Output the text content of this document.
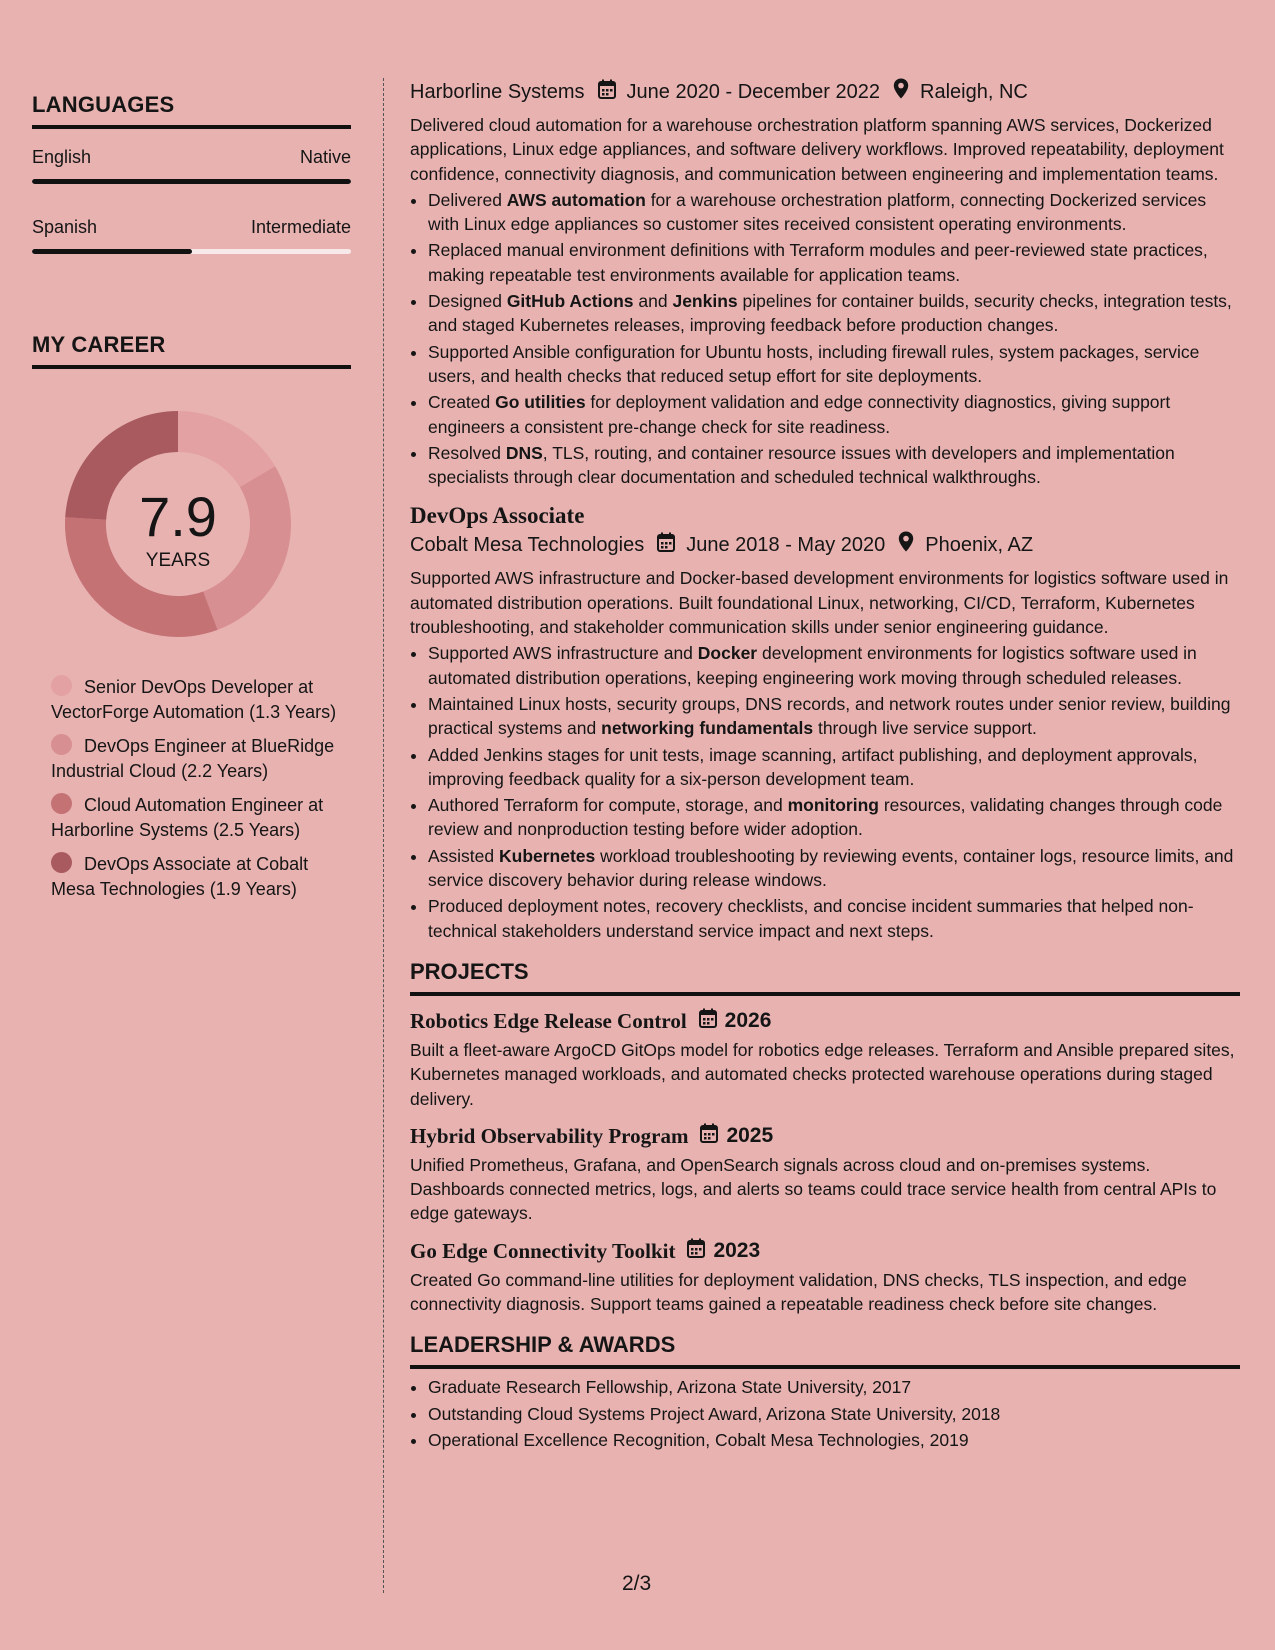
LANGUAGES
English	Native
Spanish	Intermediate
MY CAREER
7.9
YEARS
Senior DevOps Developer at VectorForge Automation (1.3 Years)
DevOps Engineer at BlueRidge Industrial Cloud (2.2 Years)
Cloud Automation Engineer at Harborline Systems (2.5 Years)
DevOps Associate at Cobalt Mesa Technologies (1.9 Years)
Harborline Systems June 2020 - December 2022 Raleigh, NC
Delivered cloud automation for a warehouse orchestration platform spanning AWS services, Dockerized applications, Linux edge appliances, and software delivery workflows. Improved repeatability, deployment confidence, connectivity diagnosis, and communication between engineering and implementation teams.
• Delivered AWS automation for a warehouse orchestration platform, connecting Dockerized services with Linux edge appliances so customer sites received consistent operating environments.
• Replaced manual environment definitions with Terraform modules and peer-reviewed state practices, making repeatable test environments available for application teams.
• Designed GitHub Actions and Jenkins pipelines for container builds, security checks, integration tests, and staged Kubernetes releases, improving feedback before production changes.
• Supported Ansible configuration for Ubuntu hosts, including firewall rules, system packages, service users, and health checks that reduced setup effort for site deployments.
• Created Go utilities for deployment validation and edge connectivity diagnostics, giving support engineers a consistent pre-change check for site readiness.
• Resolved DNS, TLS, routing, and container resource issues with developers and implementation specialists through clear documentation and scheduled technical walkthroughs.
DevOps Associate
Cobalt Mesa Technologies June 2018 - May 2020 Phoenix, AZ
Supported AWS infrastructure and Docker-based development environments for logistics software used in automated distribution operations. Built foundational Linux, networking, CI/CD, Terraform, Kubernetes troubleshooting, and stakeholder communication skills under senior engineering guidance.
• Supported AWS infrastructure and Docker development environments for logistics software used in automated distribution operations, keeping engineering work moving through scheduled releases.
• Maintained Linux hosts, security groups, DNS records, and network routes under senior review, building practical systems and networking fundamentals through live service support.
• Added Jenkins stages for unit tests, image scanning, artifact publishing, and deployment approvals, improving feedback quality for a six-person development team.
• Authored Terraform for compute, storage, and monitoring resources, validating changes through code review and nonproduction testing before wider adoption.
• Assisted Kubernetes workload troubleshooting by reviewing events, container logs, resource limits, and service discovery behavior during release windows.
• Produced deployment notes, recovery checklists, and concise incident summaries that helped non-technical stakeholders understand service impact and next steps.
PROJECTS
Robotics Edge Release Control 2026
Built a fleet-aware ArgoCD GitOps model for robotics edge releases. Terraform and Ansible prepared sites, Kubernetes managed workloads, and automated checks protected warehouse operations during staged delivery.
Hybrid Observability Program 2025
Unified Prometheus, Grafana, and OpenSearch signals across cloud and on-premises systems. Dashboards connected metrics, logs, and alerts so teams could trace service health from central APIs to edge gateways.
Go Edge Connectivity Toolkit 2023
Created Go command-line utilities for deployment validation, DNS checks, TLS inspection, and edge connectivity diagnosis. Support teams gained a repeatable readiness check before site changes.
LEADERSHIP & AWARDS
• Graduate Research Fellowship, Arizona State University, 2017
• Outstanding Cloud Systems Project Award, Arizona State University, 2018
• Operational Excellence Recognition, Cobalt Mesa Technologies, 2019
2/3
